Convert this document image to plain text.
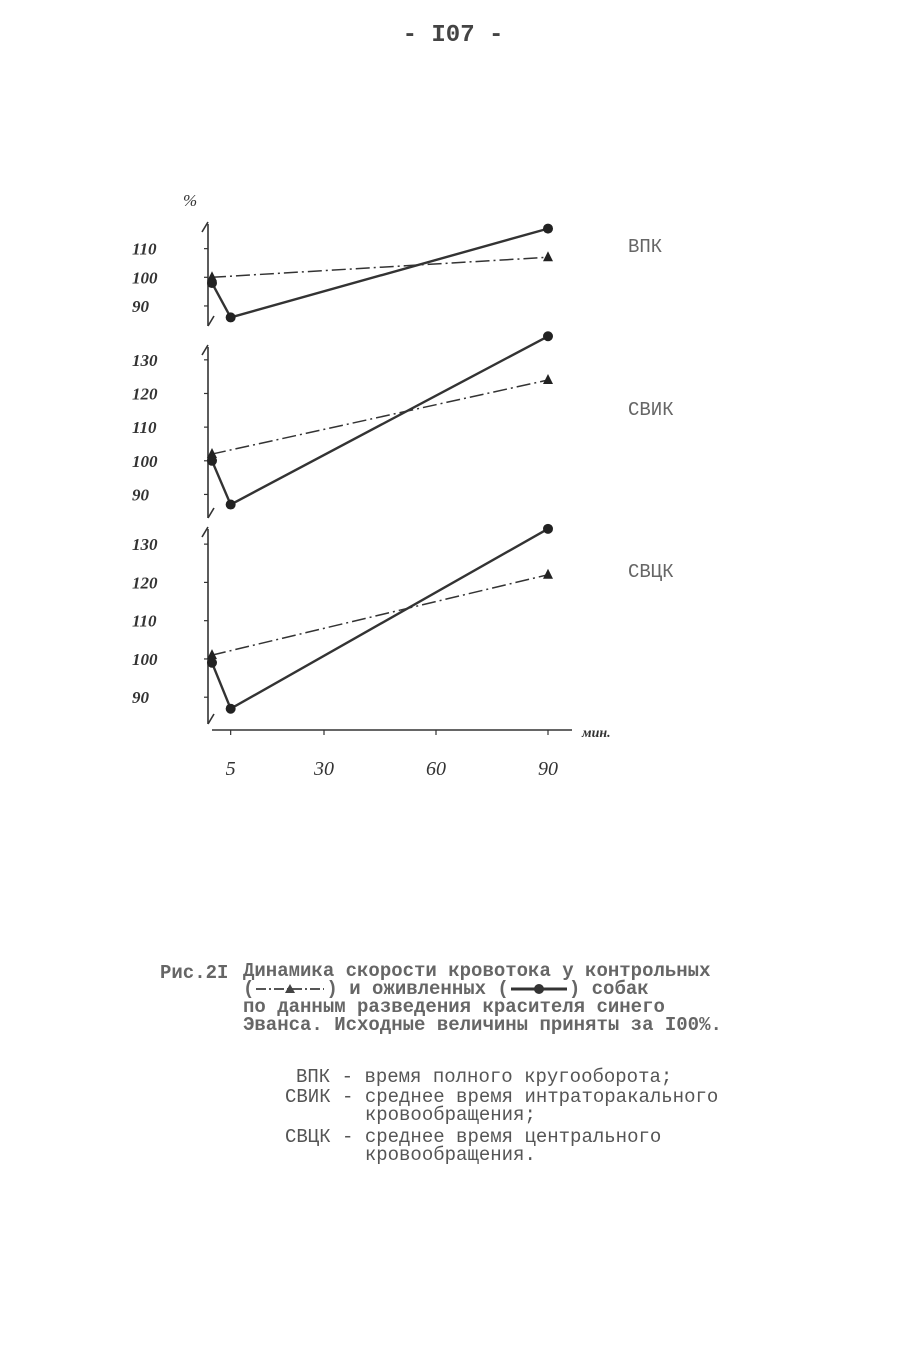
- I07 -
110
100
90
ВПК
130
120
110
100
90
СВИК
130
120
110
100
90
СВЦК
%
5	30	60	90
мин.
Рис.2I Динамика скорости кровотока у контрольных
(	) и оживленных (	) собак
по данным разведения красителя синего
Эванса. Исходные величины приняты за I00%.
ВПК - время полного кругооборота;
СВИК - среднее время интраторакального кровообращения;
СВЦК - среднее время центрального кровообращения.
